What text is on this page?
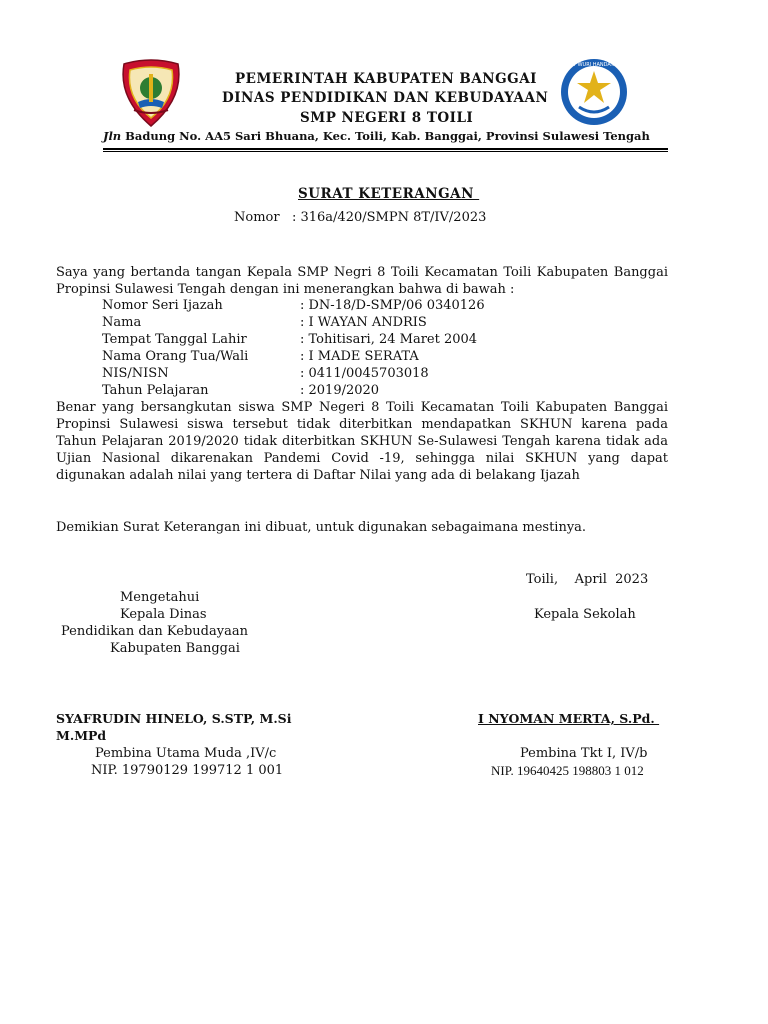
TUT WURI HANDAYANI
PEMERINTAH KABUPATEN BANGGAI
DINAS PENDIDIKAN DAN KEBUDAYAAN
SMP NEGERI 8 TOILI
Jln Badung No. AA5 Sari Bhuana, Kec. Toili, Kab. Banggai, Provinsi Sulawesi Tengah
SURAT KETERANGAN
Nomor   : 316a/420/SMPN 8T/IV/2023
Saya yang bertanda tangan Kepala SMP Negri 8 Toili Kecamatan Toili Kabupaten Banggai Propinsi Sulawesi Tengah dengan ini menerangkan bahwa di bawah :
Nomor Seri Ijazah	: DN-18/D-SMP/06 0340126
Nama	: I WAYAN ANDRIS
Tempat Tanggal Lahir	: Tohitisari, 24 Maret 2004
Nama Orang Tua/Wali	: I MADE SERATA
NIS/NISN	: 0411/0045703018
Tahun Pelajaran	: 2019/2020
Benar yang bersangkutan siswa SMP Negeri 8 Toili Kecamatan Toili Kabupaten Banggai Propinsi Sulawesi siswa tersebut tidak diterbitkan mendapatkan SKHUN karena pada Tahun Pelajaran 2019/2020 tidak diterbitkan SKHUN Se-Sulawesi Tengah karena tidak ada Ujian Nasional dikarenakan Pandemi Covid -19, sehingga nilai SKHUN yang dapat digunakan adalah nilai yang tertera di Daftar Nilai yang ada di belakang Ijazah
Demikian Surat Keterangan ini dibuat, untuk digunakan sebagaimana mestinya.
Toili,    April  2023
Mengetahui
Kepala Dinas
Pendidikan dan Kebudayaan
Kabupaten Banggai
Kepala Sekolah
SYAFRUDIN HINELO, S.STP, M.Si
M.MPd
I NYOMAN MERTA, S.Pd.
Pembina Utama Muda ,IV/c	Pembina Tkt I, IV/b
NIP. 19790129 199712 1 001	NIP. 19640425 198803 1 012
